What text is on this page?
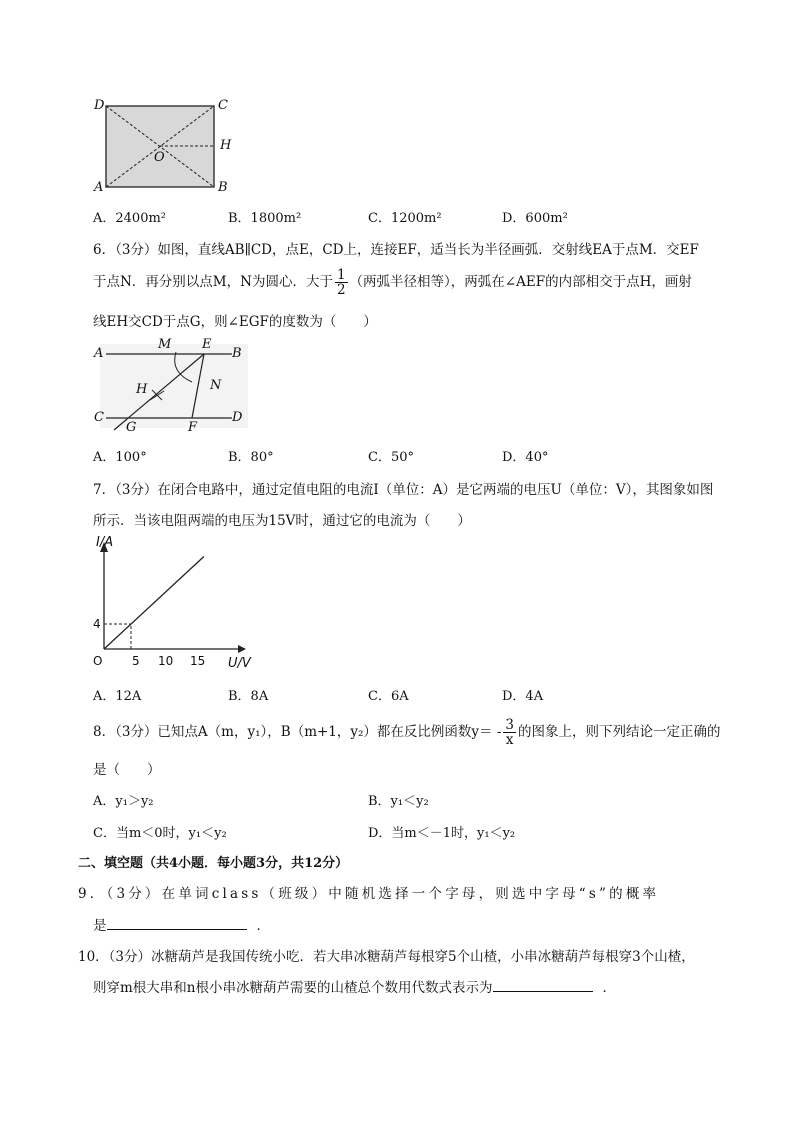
D	C
H
O
A	B
A．2400m²	B．1800m²	C．1200m²	D．600m²
6．（3分）如图，直线AB∥CD，点E，CD上，连接EF，适当长为半径画弧．交射线EA于点M．交EF
于点N．再分别以点M，N为圆心．大于 $\frac{1}{2}$ （两弧半径相等），两弧在∠AEF的内部相交于点H，画射
线EH交CD于点G，则∠EGF的度数为（　　）
A
M E
B
H	N
C	D
G	F
A．100°	B．80°	C．50°	D．40°
7．（3分）在闭合电路中，通过定值电阻的电流I（单位：A）是它两端的电压U（单位：V），其图象如图
所示．当该电阻两端的电压为15V时，通过它的电流为（　　）
I/A
O
4
5 10 15 U/V
A．12A	B．8A	C．6A	D．4A
8．（3分）已知点A（m，y₁），B（m+1，y₂）都在反比例函数$y= - \frac{3}{x}$ 的图象上，则下列结论一定正确的
是（　　）
A．y₁＞y₂	B．y₁＜y₂
C．当m＜0时，y₁＜y₂	D．当m＜－1时，y₁＜y₂
二、填空题（共4小题．每小题3分，共12分）
9．（3分）在单词class（班级）中随机选择一个字母，则选中字母“s”的概率
是	．
10．（3分）冰糖葫芦是我国传统小吃．若大串冰糖葫芦每根穿5个山楂，小串冰糖葫芦每根穿3个山楂，
则穿m根大串和n根小串冰糖葫芦需要的山楂总个数用代数式表示为	．
